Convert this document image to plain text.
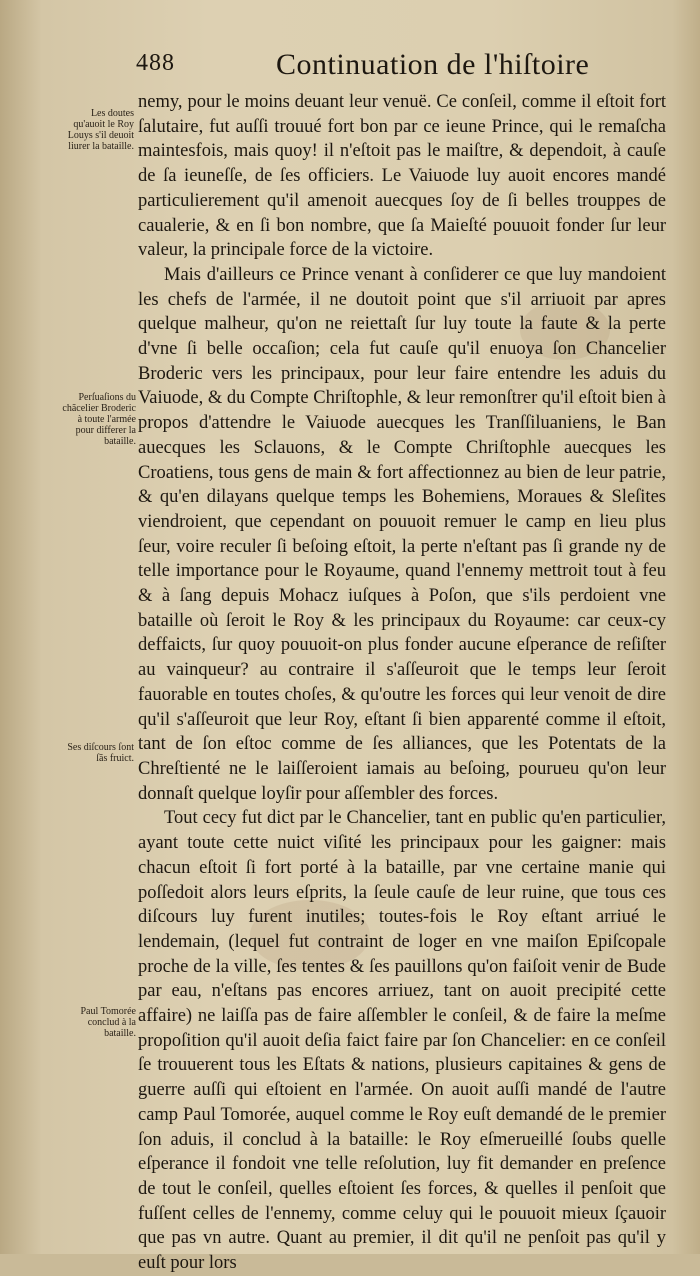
488	Continuation de l'hiſtoire
Les doutes qu'auoit le Roy Louys s'il deuoit liurer la bataille.
Perſuaſions du chãcelier Broderic à toute l'armée pour differer la bataille.
Ses diſcours ſont ſãs fruict.
Paul Tomorée conclud à la bataille.

nemy, pour le moins deuant leur venuë. Ce conſeil, comme il eſtoit fort ſalutaire, fut auſſi trouué fort bon par ce ieune Prince, qui le remaſcha maintesfois, mais quoy! il n'eſtoit pas le maiſtre, & dependoit, à cauſe de ſa ieuneſſe, de ſes officiers. Le Vaiuode luy auoit encores mandé particulierement qu'il amenoit auecques ſoy de ſi belles trouppes de caualerie, & en ſi bon nombre, que ſa Maieſté pouuoit fonder ſur leur valeur, la principale force de la victoire.

Mais d'ailleurs ce Prince venant à conſiderer ce que luy mandoient les chefs de l'armée, il ne doutoit point que s'il arriuoit par apres quelque malheur, qu'on ne reiettaſt ſur luy toute la faute & la perte d'vne ſi belle occaſion; cela fut cauſe qu'il enuoya ſon Chancelier Broderic vers les principaux, pour leur faire entendre les aduis du Vaiuode, & du Compte Chriſtophle, & leur remonſtrer qu'il eſtoit bien à propos d'attendre le Vaiuode auecques les Tranſſiluaniens, le Ban auecques les Sclauons, & le Compte Chriſtophle auecques les Croatiens, tous gens de main & fort affectionnez au bien de leur patrie, & qu'en dilayans quelque temps les Bohemiens, Moraues & Sleſites viendroient, que cependant on pouuoit remuer le camp en lieu plus ſeur, voire reculer ſi beſoing eſtoit, la perte n'eſtant pas ſi grande ny de telle importance pour le Royaume, quand l'ennemy mettroit tout à feu & à ſang depuis Mohacz iuſques à Poſon, que s'ils perdoient vne bataille où ſeroit le Roy & les principaux du Royaume: car ceux-cy deffaicts, ſur quoy pouuoit-on plus fonder aucune eſperance de reſiſter au vainqueur? au contraire il s'aſſeuroit que le temps leur ſeroit fauorable en toutes choſes, & qu'outre les forces qui leur venoit de dire qu'il s'aſſeuroit que leur Roy, eſtant ſi bien apparenté comme il eſtoit, tant de ſon eſtoc comme de ſes alliances, que les Potentats de la Chreſtienté ne le laiſſeroient iamais au beſoing, pourueu qu'on leur donnaſt quelque loyſir pour aſſembler des forces.

Tout cecy fut dict par le Chancelier, tant en public qu'en particulier, ayant toute cette nuict viſité les principaux pour les gaigner: mais chacun eſtoit ſi fort porté à la bataille, par vne certaine manie qui poſſedoit alors leurs eſprits, la ſeule cauſe de leur ruine, que tous ces diſcours luy furent inutiles; toutes-fois le Roy eſtant arriué le lendemain, (lequel fut contraint de loger en vne maiſon Epiſcopale proche de la ville, ſes tentes & ſes pauillons qu'on faiſoit venir de Bude par eau, n'eſtans pas encores arriuez, tant on auoit precipité cette affaire) ne laiſſa pas de faire aſſembler le conſeil, & de faire la meſme propoſition qu'il auoit deſia faict faire par ſon Chancelier: en ce conſeil ſe trouuerent tous les Eſtats & nations, plusieurs capitaines & gens de guerre auſſi qui eſtoient en l'armée. On auoit auſſi mandé de l'autre camp Paul Tomorée, auquel comme le Roy euſt demandé de le premier ſon aduis, il conclud à la bataille: le Roy eſmerueillé ſoubs quelle eſperance il fondoit vne telle reſolution, luy fit demander en preſence de tout le conſeil, quelles eſtoient ſes forces, & quelles il penſoit que fuſſent celles de l'ennemy, comme celuy qui le pouuoit mieux ſçauoir que pas vn autre. Quant au premier, il dit qu'il ne penſoit pas qu'il y euſt pour lors
